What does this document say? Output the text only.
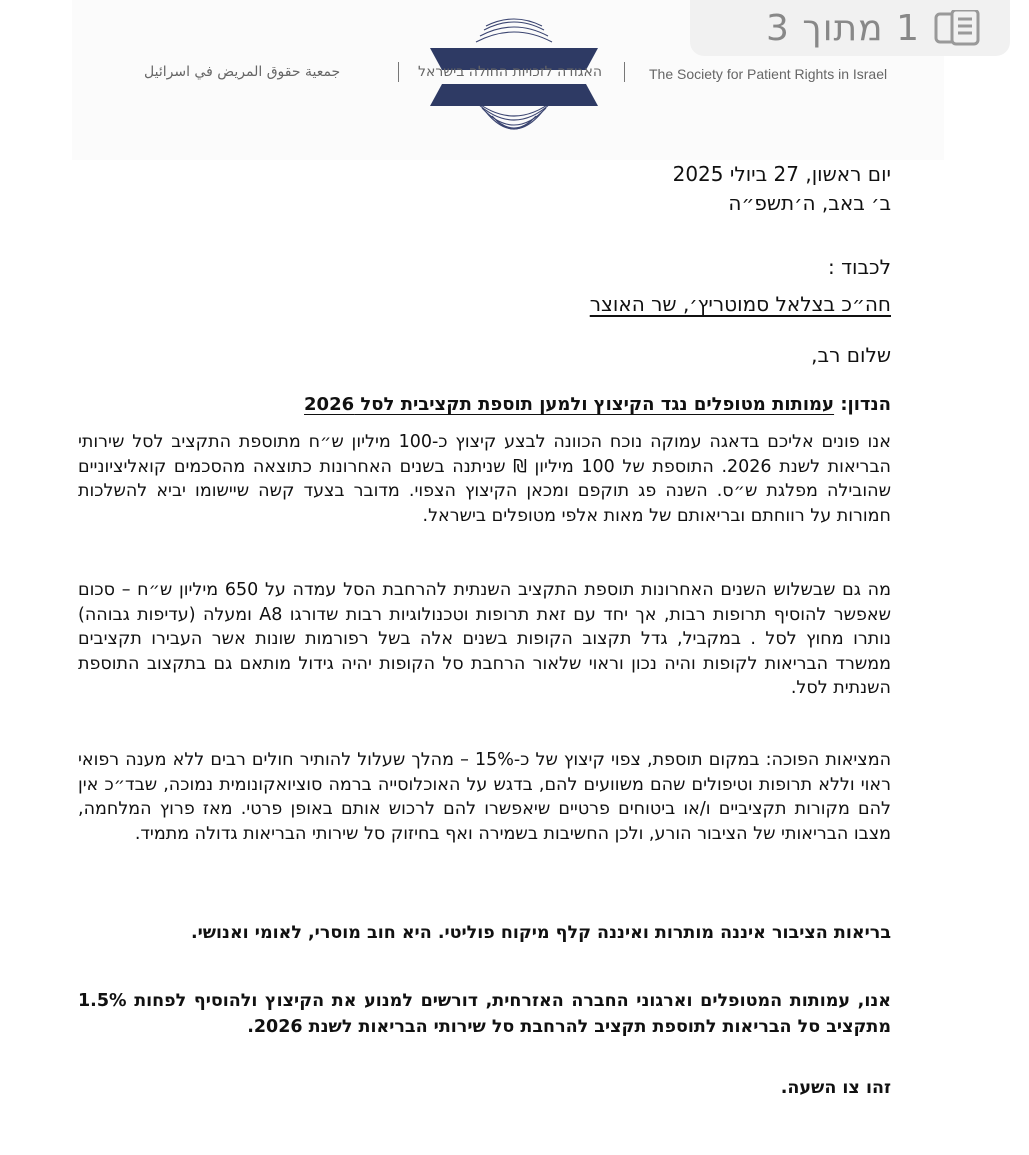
1 מתוך 3
The Society for Patient Rights in Israel
האגודה לזכויות החולה בישראל
جمعية حقوق المريض في اسرائيل
יום ראשון, 27 ביולי 2025
ב׳ באב, ה׳תשפ״ה
לכבוד :
חה״כ בצלאל סמוטריץ׳, שר האוצר
שלום רב,
הנדון: עמותות מטופלים נגד הקיצוץ ולמען תוספת תקציבית לסל 2026
אנו פונים אליכם בדאגה עמוקה נוכח הכוונה לבצע קיצוץ כ-100 מיליון ש״ח מתוספת התקציב לסל שירותי הבריאות לשנת 2026. התוספת של 100 מיליון ₪ שניתנה בשנים האחרונות כתוצאה מהסכמים קואליציוניים שהובילה מפלגת ש״ס. השנה פג תוקפם ומכאן הקיצוץ הצפוי. מדובר בצעד קשה שיישומו יביא להשלכות חמורות על רווחתם ובריאותם של מאות אלפי מטופלים בישראל.
מה גם שבשלוש השנים האחרונות תוספת התקציב השנתית להרחבת הסל עמדה על 650 מיליון ש״ח – סכום שאפשר להוסיף תרופות רבות, אך יחד עם זאת תרופות וטכנולוגיות רבות שדורגו A8 ומעלה (עדיפות גבוהה) נותרו מחוץ לסל . במקביל, גדל תקצוב הקופות בשנים אלה בשל רפורמות שונות אשר העבירו תקציבים ממשרד הבריאות לקופות והיה נכון וראוי שלאור הרחבת סל הקופות יהיה גידול מותאם גם בתקצוב התוספת השנתית לסל.
המציאות הפוכה: במקום תוספת, צפוי קיצוץ של כ-15% – מהלך שעלול להותיר חולים רבים ללא מענה רפואי ראוי וללא תרופות וטיפולים שהם משוועים להם, בדגש על האוכלוסייה ברמה סוציואקונומית נמוכה, שבד״כ אין להם מקורות תקציביים ו/או ביטוחים פרטיים שיאפשרו להם לרכוש אותם באופן פרטי. מאז פרוץ המלחמה, מצבו הבריאותי של הציבור הורע, ולכן החשיבות בשמירה ואף בחיזוק סל שירותי הבריאות גדולה מתמיד.
בריאות הציבור איננה מותרות ואיננה קלף מיקוח פוליטי. היא חוב מוסרי, לאומי ואנושי.
אנו, עמותות המטופלים וארגוני החברה האזרחית, דורשים למנוע את הקיצוץ ולהוסיף לפחות 1.5% מתקציב סל הבריאות לתוספת תקציב להרחבת סל שירותי הבריאות לשנת 2026.
זהו צו השעה.
